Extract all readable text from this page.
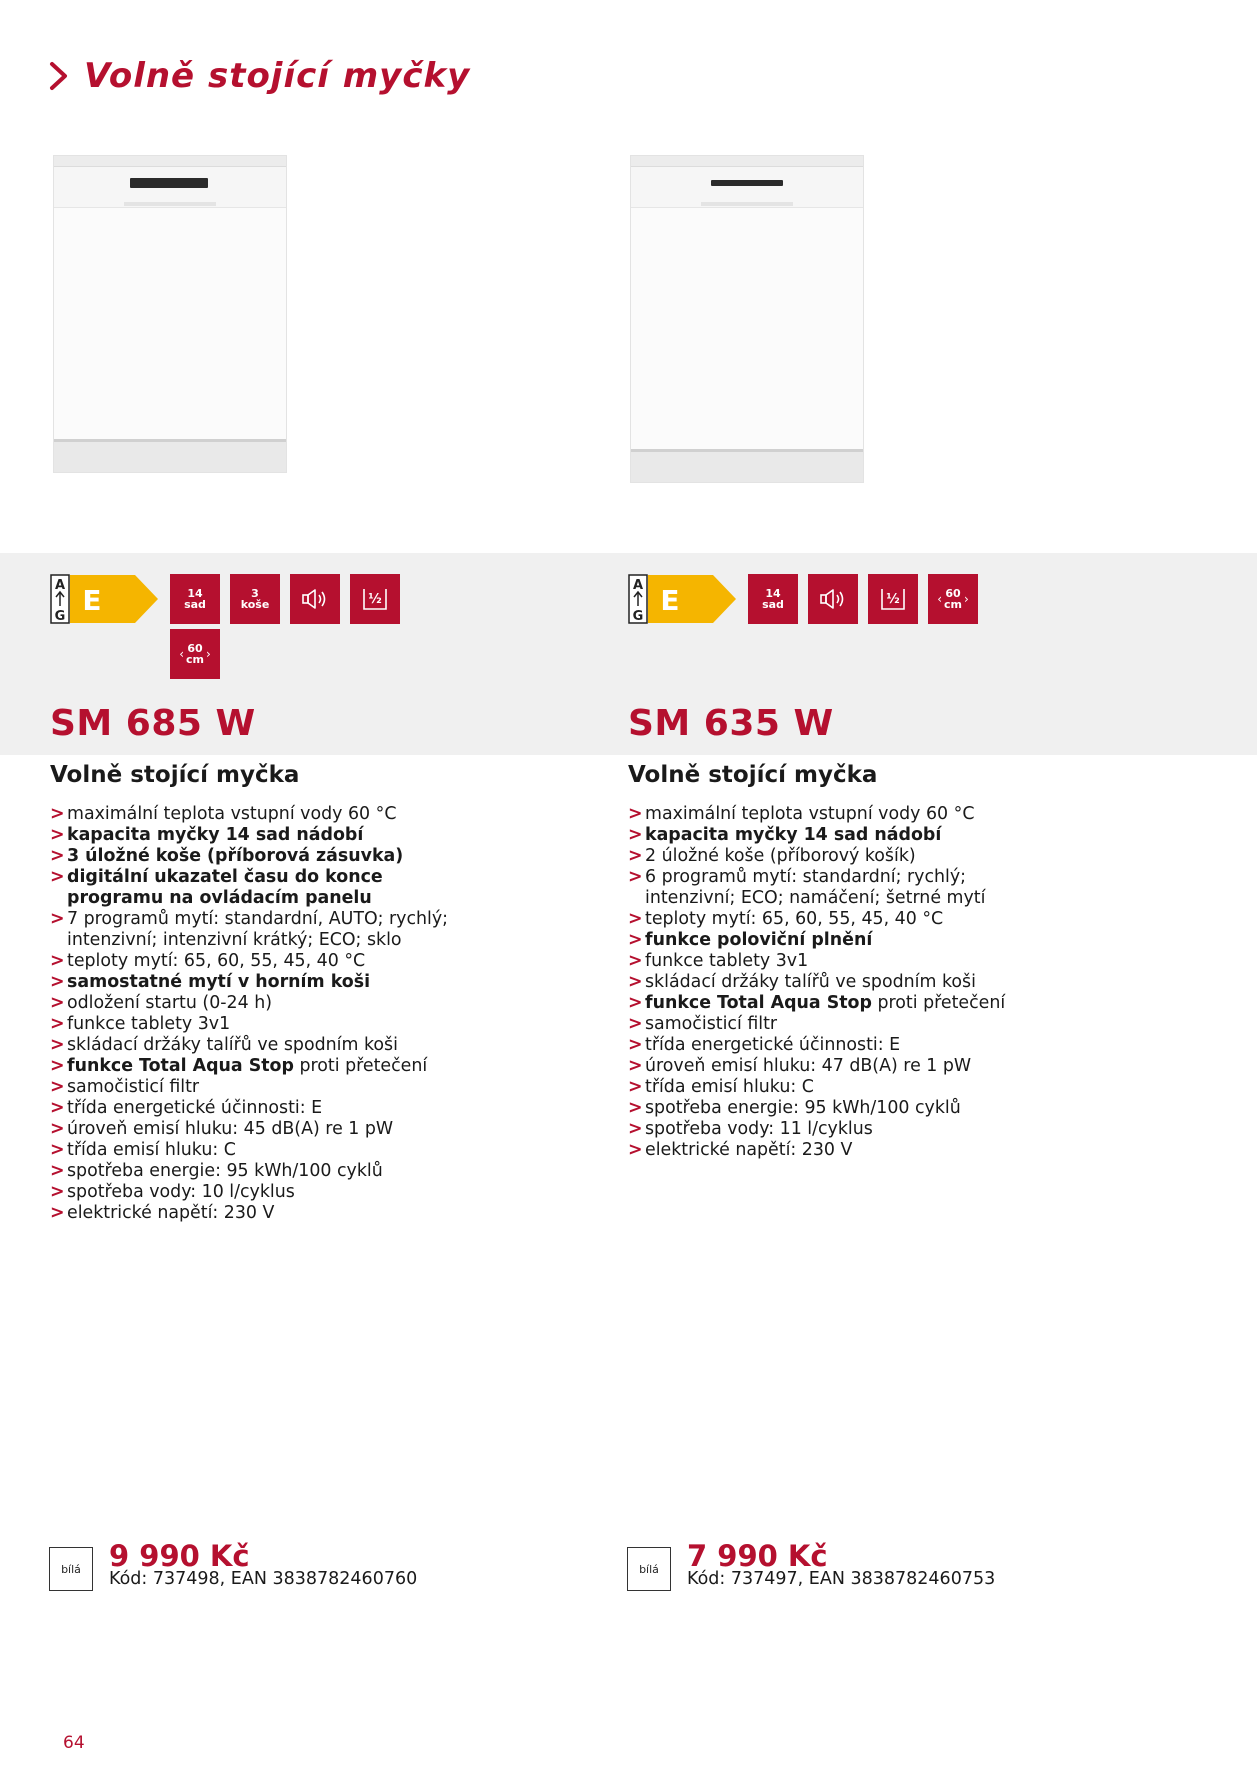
Volně stojící myčky
A
G E	14
sad
3
koše	½
‹ 60
cm ›
SM 685 W
Volně stojící myčka
> maximální teplota vstupní vody 60 °C
> kapacita myčky 14 sad nádobí
> 3 úložné koše (příborová zásuvka)
> digitální ukazatel času do konce programu na ovládacím panelu
> 7 programů mytí: standardní, AUTO; rychlý; intenzivní; intenzivní krátký; ECO; sklo
> teploty mytí: 65, 60, 55, 45, 40 °C
> samostatné mytí v horním koši
> odložení startu (0-24 h)
> funkce tablety 3v1
> skládací držáky talířů ve spodním koši
> funkce Total Aqua Stop proti přetečení
> samočisticí filtr
> třída energetické účinnosti: E
> úroveň emisí hluku: 45 dB(A) re 1 pW
> třída emisí hluku: C
> spotřeba energie: 95 kWh/100 cyklů
> spotřeba vody: 10 l/cyklus
> elektrické napětí: 230 V
bílá 9 990 Kč
Kód: 737498, EAN 3838782460760
A
G E	14
sad	½	‹ 60
cm ›
SM 635 W
Volně stojící myčka
> maximální teplota vstupní vody 60 °C
> kapacita myčky 14 sad nádobí
> 2 úložné koše (příborový košík)
> 6 programů mytí: standardní; rychlý; intenzivní; ECO; namáčení; šetrné mytí
> teploty mytí: 65, 60, 55, 45, 40 °C
> funkce poloviční plnění
> funkce tablety 3v1
> skládací držáky talířů ve spodním koši
> funkce Total Aqua Stop proti přetečení
> samočisticí filtr
> třída energetické účinnosti: E
> úroveň emisí hluku: 47 dB(A) re 1 pW
> třída emisí hluku: C
> spotřeba energie: 95 kWh/100 cyklů
> spotřeba vody: 11 l/cyklus
> elektrické napětí: 230 V
bílá 7 990 Kč
Kód: 737497, EAN 3838782460753
64
